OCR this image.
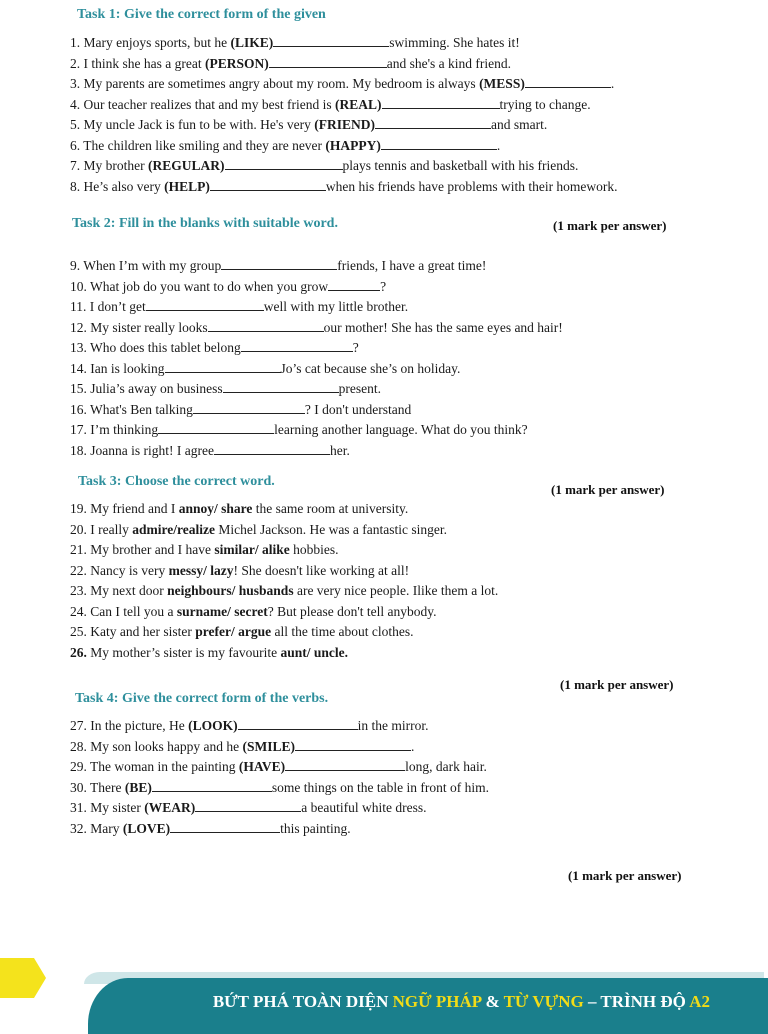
Task 1: Give the correct form of the given
1. Mary enjoys sports, but he (LIKE)	swimming. She hates it!
2. I think she has a great (PERSON)	and she's a kind friend.
3. My parents are sometimes angry about my room. My bedroom is always (MESS)	.
4. Our teacher realizes that and my best friend is (REAL)	trying to change.
5. My uncle Jack is fun to be with. He's very (FRIEND)	and smart.
6. The children like smiling and they are never (HAPPY)	.
7. My brother (REGULAR)	plays tennis and basketball with his friends.
8. He’s also very (HELP)	when his friends have problems with their homework.
Task 2: Fill in the blanks with suitable word.	(1 mark per answer)
9. When I’m with my group	friends, I have a great time!
10. What job do you want to do when you grow	?
11. I don’t get	well with my little brother.
12. My sister really looks	our mother! She has the same eyes and hair!
13. Who does this tablet belong	?
14. Ian is looking	Jo’s cat because she’s on holiday.
15. Julia’s away on business	present.
16. What's Ben talking	? I don't understand
17. I’m thinking	learning another language. What do you think?
18. Joanna is right! I agree	her.
Task 3: Choose the correct word.
(1 mark per answer)
19. My friend and I annoy/ share the same room at university.
20. I really admire/realize Michel Jackson. He was a fantastic singer.
21. My brother and I have similar/ alike hobbies.
22. Nancy is very messy/ lazy! She doesn't like working at all!
23. My next door neighbours/ husbands are very nice people. Ilike them a lot.
24. Can I tell you a surname/ secret? But please don't tell anybody.
25. Katy and her sister prefer/ argue all the time about clothes.
26. My mother’s sister is my favourite aunt/ uncle.
Task 4: Give the correct form of the verbs.
(1 mark per answer)
27. In the picture, He (LOOK)	in the mirror.
28. My son looks happy and he (SMILE)	.
29. The woman in the painting (HAVE)	long, dark hair.
30. There (BE)	some things on the table in front of him.
31. My sister (WEAR)	a beautiful white dress.
32. Mary (LOVE)	this painting.
(1 mark per answer)
BỨT PHÁ TOÀN DIỆN NGỮ PHÁP & TỪ VỰNG – TRÌNH ĐỘ A2
